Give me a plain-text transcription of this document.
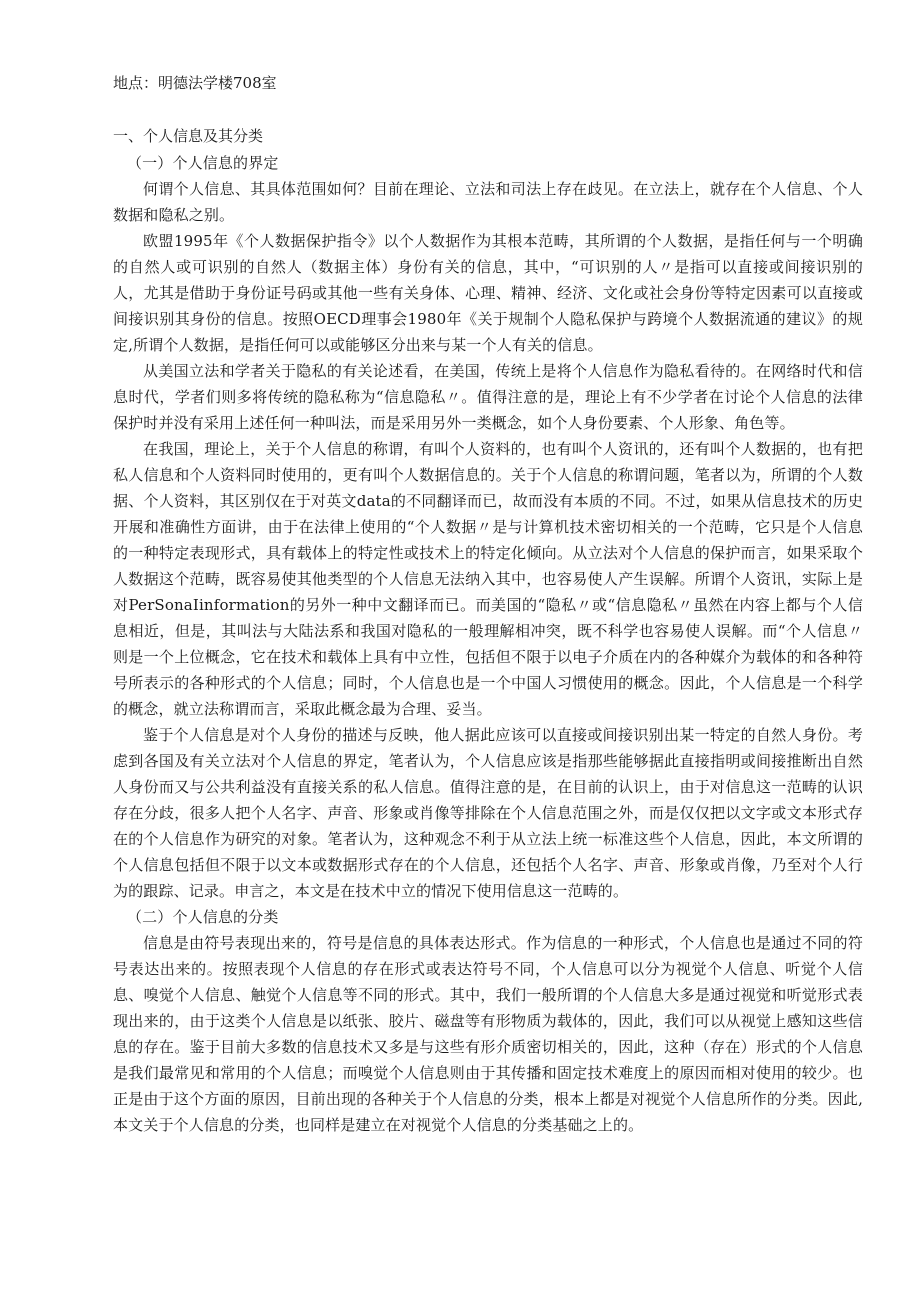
地点：明德法学楼708室
一、个人信息及其分类

（一）个人信息的界定

何谓个人信息、其具体范围如何？目前在理论、立法和司法上存在歧见。在立法上，就存在个人信息、个人数据和隐私之别。

欧盟1995年《个人数据保护指令》以个人数据作为其根本范畴，其所谓的个人数据，是指任何与一个明确的自然人或可识别的自然人（数据主体）身份有关的信息，其中，“可识别的人〃是指可以直接或间接识别的人，尤其是借助于身份证号码或其他一些有关身体、心理、精神、经济、文化或社会身份等特定因素可以直接或间接识别其身份的信息。按照OECD理事会1980年《关于规制个人隐私保护与跨境个人数据流通的建议》的规定,所谓个人数据，是指任何可以或能够区分出来与某一个人有关的信息。

从美国立法和学者关于隐私的有关论述看，在美国，传统上是将个人信息作为隐私看待的。在网络时代和信息时代，学者们则多将传统的隐私称为“信息隐私〃。值得注意的是，理论上有不少学者在讨论个人信息的法律保护时并没有采用上述任何一种叫法，而是采用另外一类概念，如个人身份要素、个人形象、角色等。

在我国，理论上，关于个人信息的称谓，有叫个人资料的，也有叫个人资讯的，还有叫个人数据的，也有把私人信息和个人资料同时使用的，更有叫个人数据信息的。关于个人信息的称谓问题，笔者以为，所谓的个人数据、个人资料，其区别仅在于对英文data的不同翻译而已，故而没有本质的不同。不过，如果从信息技术的历史开展和准确性方面讲，由于在法律上使用的“个人数据〃是与计算机技术密切相关的一个范畴，它只是个人信息的一种特定表现形式，具有载体上的特定性或技术上的特定化倾向。从立法对个人信息的保护而言，如果采取个人数据这个范畴，既容易使其他类型的个人信息无法纳入其中，也容易使人产生误解。所谓个人资讯，实际上是对PerSonaIinformation的另外一种中文翻译而已。而美国的“隐私〃或“信息隐私〃虽然在内容上都与个人信息相近，但是，其叫法与大陆法系和我国对隐私的一般理解相冲突，既不科学也容易使人误解。而“个人信息〃则是一个上位概念，它在技术和载体上具有中立性，包括但不限于以电子介质在内的各种媒介为载体的和各种符号所表示的各种形式的个人信息；同时，个人信息也是一个中国人习惯使用的概念。因此，个人信息是一个科学的概念，就立法称谓而言，采取此概念最为合理、妥当。

鉴于个人信息是对个人身份的描述与反映，他人据此应该可以直接或间接识别出某一特定的自然人身份。考虑到各国及有关立法对个人信息的界定，笔者认为，个人信息应该是指那些能够据此直接指明或间接推断出自然人身份而又与公共利益没有直接关系的私人信息。值得注意的是，在目前的认识上，由于对信息这一范畴的认识存在分歧，很多人把个人名字、声音、形象或肖像等排除在个人信息范围之外，而是仅仅把以文字或文本形式存在的个人信息作为研究的对象。笔者认为，这种观念不利于从立法上统一标准这些个人信息，因此，本文所谓的个人信息包括但不限于以文本或数据形式存在的个人信息，还包括个人名字、声音、形象或肖像，乃至对个人行为的跟踪、记录。申言之，本文是在技术中立的情况下使用信息这一范畴的。

（二）个人信息的分类

信息是由符号表现出来的，符号是信息的具体表达形式。作为信息的一种形式，个人信息也是通过不同的符号表达出来的。按照表现个人信息的存在形式或表达符号不同，个人信息可以分为视觉个人信息、听觉个人信息、嗅觉个人信息、触觉个人信息等不同的形式。其中，我们一般所谓的个人信息大多是通过视觉和听觉形式表现出来的，由于这类个人信息是以纸张、胶片、磁盘等有形物质为载体的，因此，我们可以从视觉上感知这些信息的存在。鉴于目前大多数的信息技术又多是与这些有形介质密切相关的，因此，这种（存在）形式的个人信息是我们最常见和常用的个人信息；而嗅觉个人信息则由于其传播和固定技术难度上的原因而相对使用的较少。也正是由于这个方面的原因，目前出现的各种关于个人信息的分类，根本上都是对视觉个人信息所作的分类。因此,本文关于个人信息的分类，也同样是建立在对视觉个人信息的分类基础之上的。
